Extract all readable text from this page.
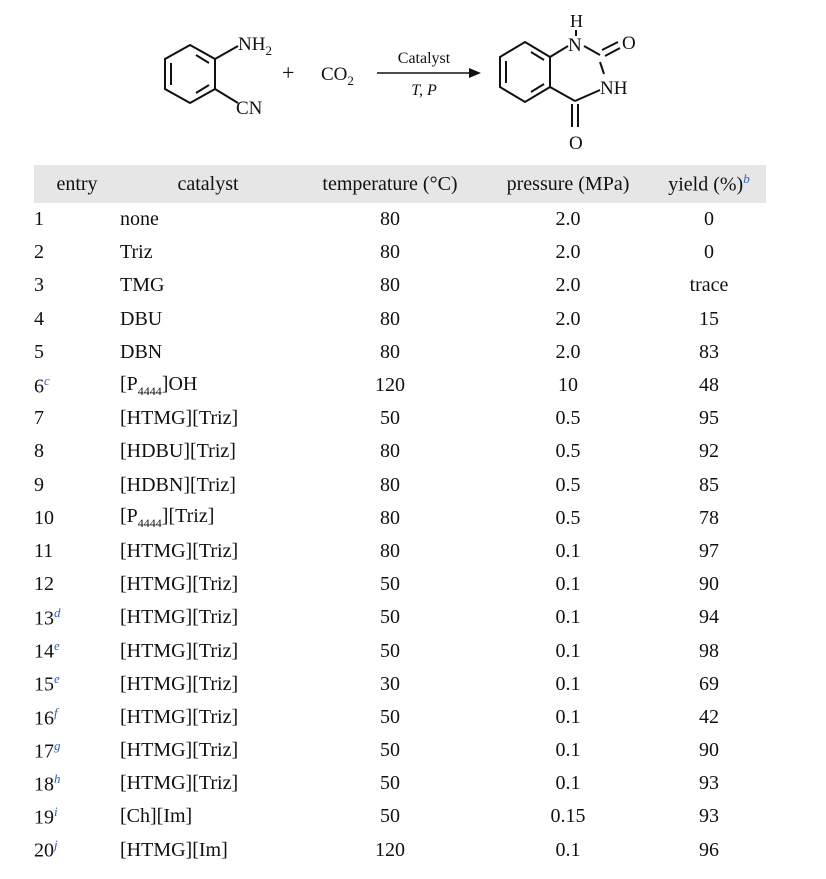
$NH_2$
CN
+ $CO_2$
Catalyst
T, P
H
N O
NH
O
entry	catalyst	temperature (°C)	pressure (MPa)	yield (%)$^b$
1	none	80	2.0	0
2	Triz	80	2.0	0
3	TMG	80	2.0	trace
4	DBU	80	2.0	15
5	DBN	80	2.0	83
6$^c$	$[P_{4444}]OH$	120	10	48
7	[HTMG][Triz]	50	0.5	95
8	[HDBU][Triz]	80	0.5	92
9	[HDBN][Triz]	80	0.5	85
10	$[P_{4444}][Triz]$	80	0.5	78
11	[HTMG][Triz]	80	0.1	97
12	[HTMG][Triz]	50	0.1	90
13$^d$	[HTMG][Triz]	50	0.1	94
14e	[HTMG][Triz]	50	0.1	98
15e	[HTMG][Triz]	30	0.1	69
16$^f$	[HTMG][Triz]	50	0.1	42
17$^g$	[HTMG][Triz]	50	0.1	90
18$^h$	[HTMG][Triz]	50	0.1	93
19$^i$	[Ch][Im]	50	0.15	93
20$^j$	[HTMG][Im]	120	0.1	96
